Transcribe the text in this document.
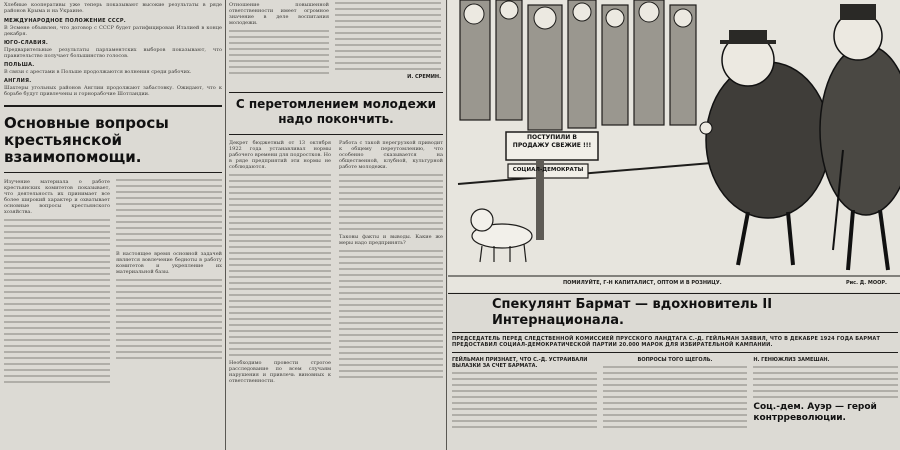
Хлебные кооперативы уже теперь показывают высокие результаты в ряде районов Крыма и на Украине.

МЕЖДУНАРОДНОЕ ПОЛОЖЕНИЕ СССР.

В Эсмене объявлен, что договор с СССР будет ратифицирован Италией в конце декабря.

ЮГО-СЛАВИЯ.

Предварительные результаты парламентских выборов показывают, что правительство получает большинство голосов.

ПОЛЬША.

В связи с арестами в Польше продолжаются волнения среди рабочих.

АНГЛИЯ.

Шахтеры угольных районов Англии продолжают забастовку. Ожидают, что к борьбе будут привлечены и горнорабочие Шотландии.

Основные вопросы крестьянской взаимопомощи.

Изучение материала о работе крестьянских комитетов показывает, что деятельность их принимает все более широкий характер и охватывает основные вопросы крестьянского хозяйства.

В настоящее время основной задачей является вовлечение бедноты в работу комитетов и укрепление их материальной базы.

Отношение повышенной ответственности имеет огромное значение в деле воспитания молодежи.

И. СРЕМИН.

С перетомлением молодежи надо покончить.

Декрет бюджетный от 13 октября 1922 года устанавливал нормы рабочего времени для подростков. Но в ряде предприятий эти нормы не соблюдаются.

Необходимо провести строгое расследование по всем случаям нарушения и привлечь виновных к ответственности.

Работа с такой перегрузкой приводит к общему переутомлению, что особенно сказывается на общественной, клубной, культурной работе молодежи.

Таковы факты и выводы. Какие же меры надо предпринять?

ПОСТУПИЛИ В ПРОДАЖУ СВЕЖИЕ !!!
СОЦИАЛ-ДЕМОКРАТЫ
ПОМИЛУЙТЕ, Г-Н КАПИТАЛИСТ, ОПТОМ И В РОЗНИЦУ.	Рис. Д. МООР.
Спекулянт Бармат — вдохновитель II Интернационала.

ПРЕДСЕДАТЕЛЬ ПЕРЕД СЛЕДСТВЕННОЙ КОМИССИЕЙ ПРУССКОГО ЛАНДТАГА С.-Д. ГЕЙЛЬМАН ЗАЯВИЛ, ЧТО В ДЕКАБРЕ 1924 ГОДА БАРМАТ ПРЕДОСТАВИЛ СОЦИАЛ-ДЕМОКРАТИЧЕСКОЙ ПАРТИИ 20.000 МАРОК ДЛЯ ИЗБИРАТЕЛЬНОЙ КАМПАНИИ.

ГЕЙЛЬМАН ПРИЗНАЕТ, ЧТО С.-Д. УСТРАИВАЛИ ВЫЛАЗКИ ЗА СЧЕТ БАРМАТА.

ВОПРОСЫ ТОГО ЩЕГОЛЬ.	Н. ГЕНЮЖЛИЗ ЗАМЕШАН.

Соц.-дем. Ауэр — герой контрреволюции.
